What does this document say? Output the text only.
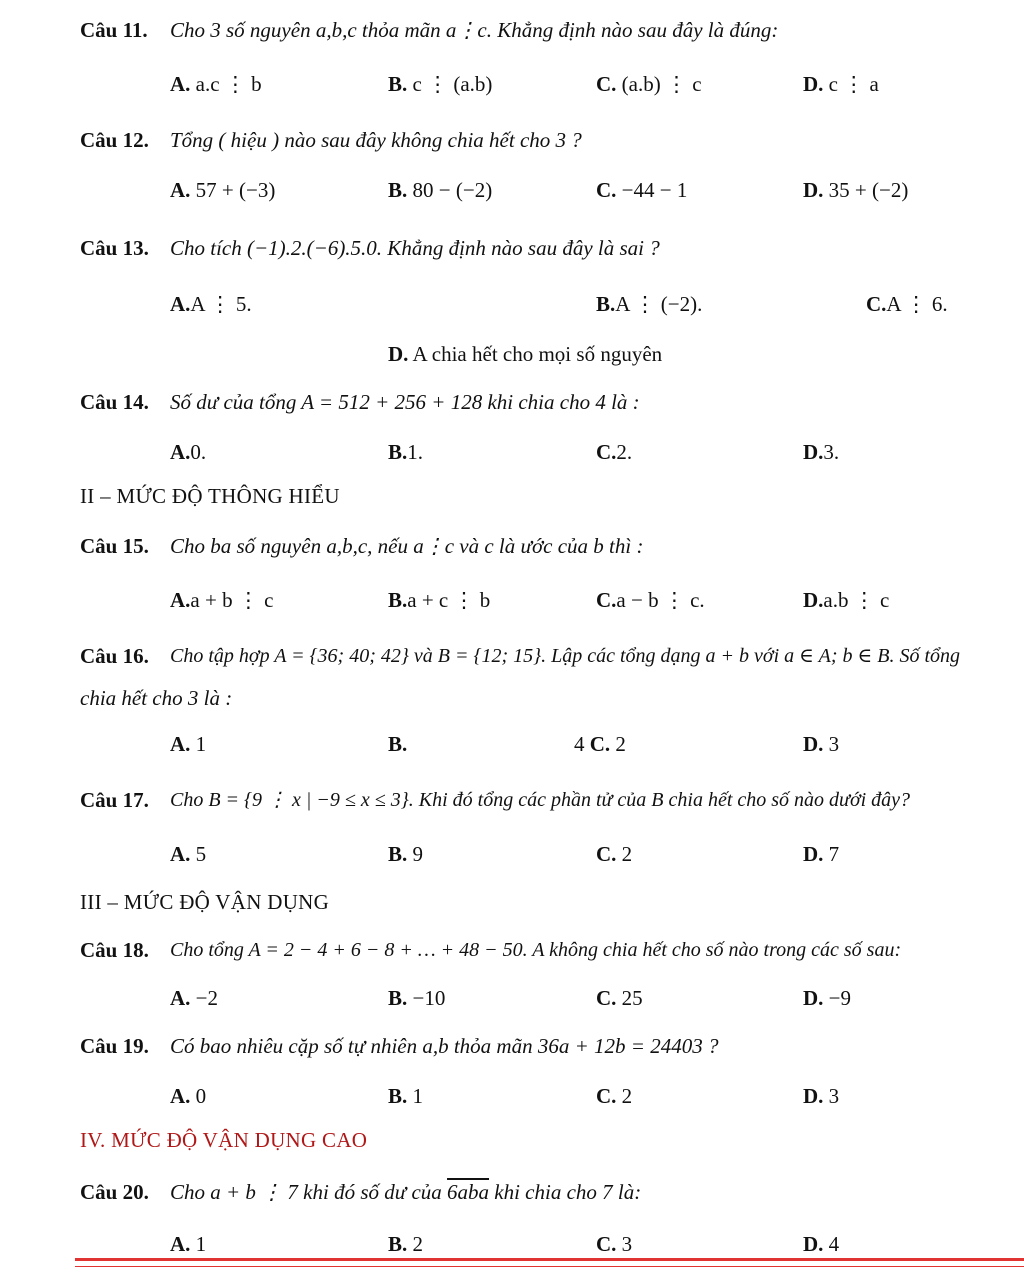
Câu 11. Cho 3 số nguyên a,b,c thỏa mãn a⋮c. Khẳng định nào sau đây là đúng:
A. a.c ⋮ b	B. c ⋮ (a.b)	C. (a.b) ⋮ c	D. c ⋮ a
Câu 12. Tổng ( hiệu ) nào sau đây không chia hết cho 3 ?
A. 57 + (−3)	B. 80 − (−2)	C. −44 − 1	D. 35 + (−2)
Câu 13. Cho tích (−1).2.(−6).5.0. Khẳng định nào sau đây là sai ?
A.A ⋮ 5.	B.A ⋮ (−2).	C.A ⋮ 6.
D. A chia hết cho mọi số nguyên
Câu 14. Số dư của tổng A = 512 + 256 + 128 khi chia cho 4 là :
A.0.	B.1.	C.2.	D.3.
II – MỨC ĐỘ THÔNG HIỂU
Câu 15. Cho ba số nguyên a,b,c, nếu a⋮c và c là ước của b thì :
A.a + b ⋮ c	B.a + c ⋮ b	C.a − b ⋮ c.	D.a.b ⋮ c
Câu 16. Cho tập hợp A = {36; 40; 42} và B = {12; 15}. Lập các tổng dạng a + b với a ∈ A; b ∈ B. Số tổng
chia hết cho 3 là :
A. 1	B.	4 C. 2	D. 3
Câu 17. Cho B = {9 ⋮ x | −9 ≤ x ≤ 3}. Khi đó tổng các phần tử của B chia hết cho số nào dưới đây?
A. 5	B. 9	C. 2	D. 7
III – MỨC ĐỘ VẬN DỤNG
Câu 18. Cho tổng A = 2 − 4 + 6 − 8 + … + 48 − 50. A không chia hết cho số nào trong các số sau:
A. −2	B. −10	C. 25	D. −9
Câu 19. Có bao nhiêu cặp số tự nhiên a,b thỏa mãn 36a + 12b = 24403 ?
A. 0	B. 1	C. 2	D. 3
IV. MỨC ĐỘ VẬN DỤNG CAO
Câu 20. Cho a + b ⋮ 7 khi đó số dư của 6aba khi chia cho 7 là:
A. 1	B. 2	C. 3	D. 4
